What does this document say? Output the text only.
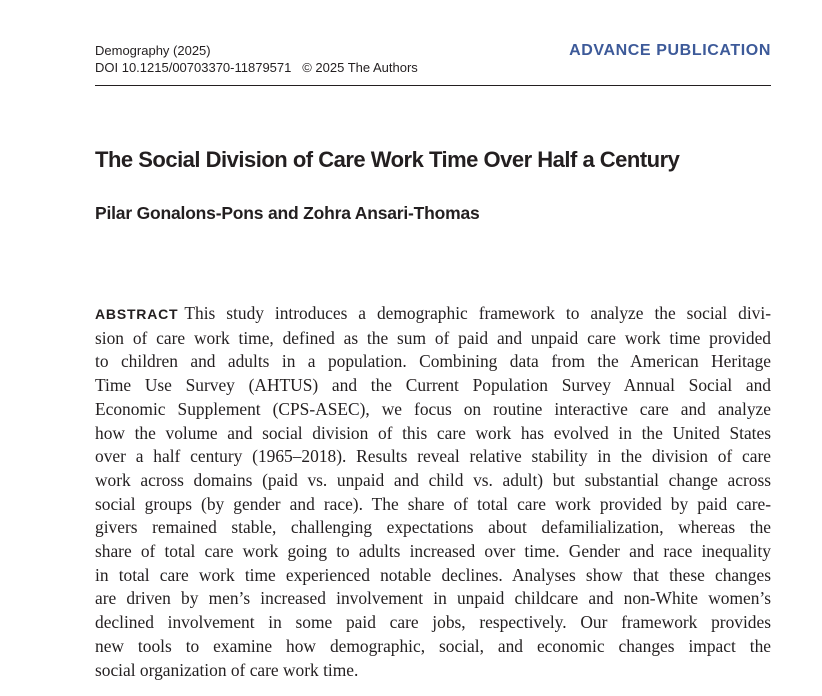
Demography (2025)
DOI 10.1215/00703370-11879571   © 2025 The Authors
ADVANCE PUBLICATION
The Social Division of Care Work Time Over Half a Century
Pilar Gonalons-Pons and Zohra Ansari-Thomas

ABSTRACT This study introduces a demographic framework to analyze the social divi-
sion of care work time, defined as the sum of paid and unpaid care work time provided
to children and adults in a population. Combining data from the American Heritage
Time Use Survey (AHTUS) and the Current Population Survey Annual Social and
Economic Supplement (CPS-ASEC), we focus on routine interactive care and analyze
how the volume and social division of this care work has evolved in the United States
over a half century (1965–2018). Results reveal relative stability in the division of care
work across domains (paid vs. unpaid and child vs. adult) but substantial change across
social groups (by gender and race). The share of total care work provided by paid care-
givers remained stable, challenging expectations about defamilialization, whereas the
share of total care work going to adults increased over time. Gender and race inequality
in total care work time experienced notable declines. Analyses show that these changes
are driven by men’s increased involvement in unpaid childcare and non-White women’s
declined involvement in some paid care jobs, respectively. Our framework provides
new tools to examine how demographic, social, and economic changes impact the
social organization of care work time.
